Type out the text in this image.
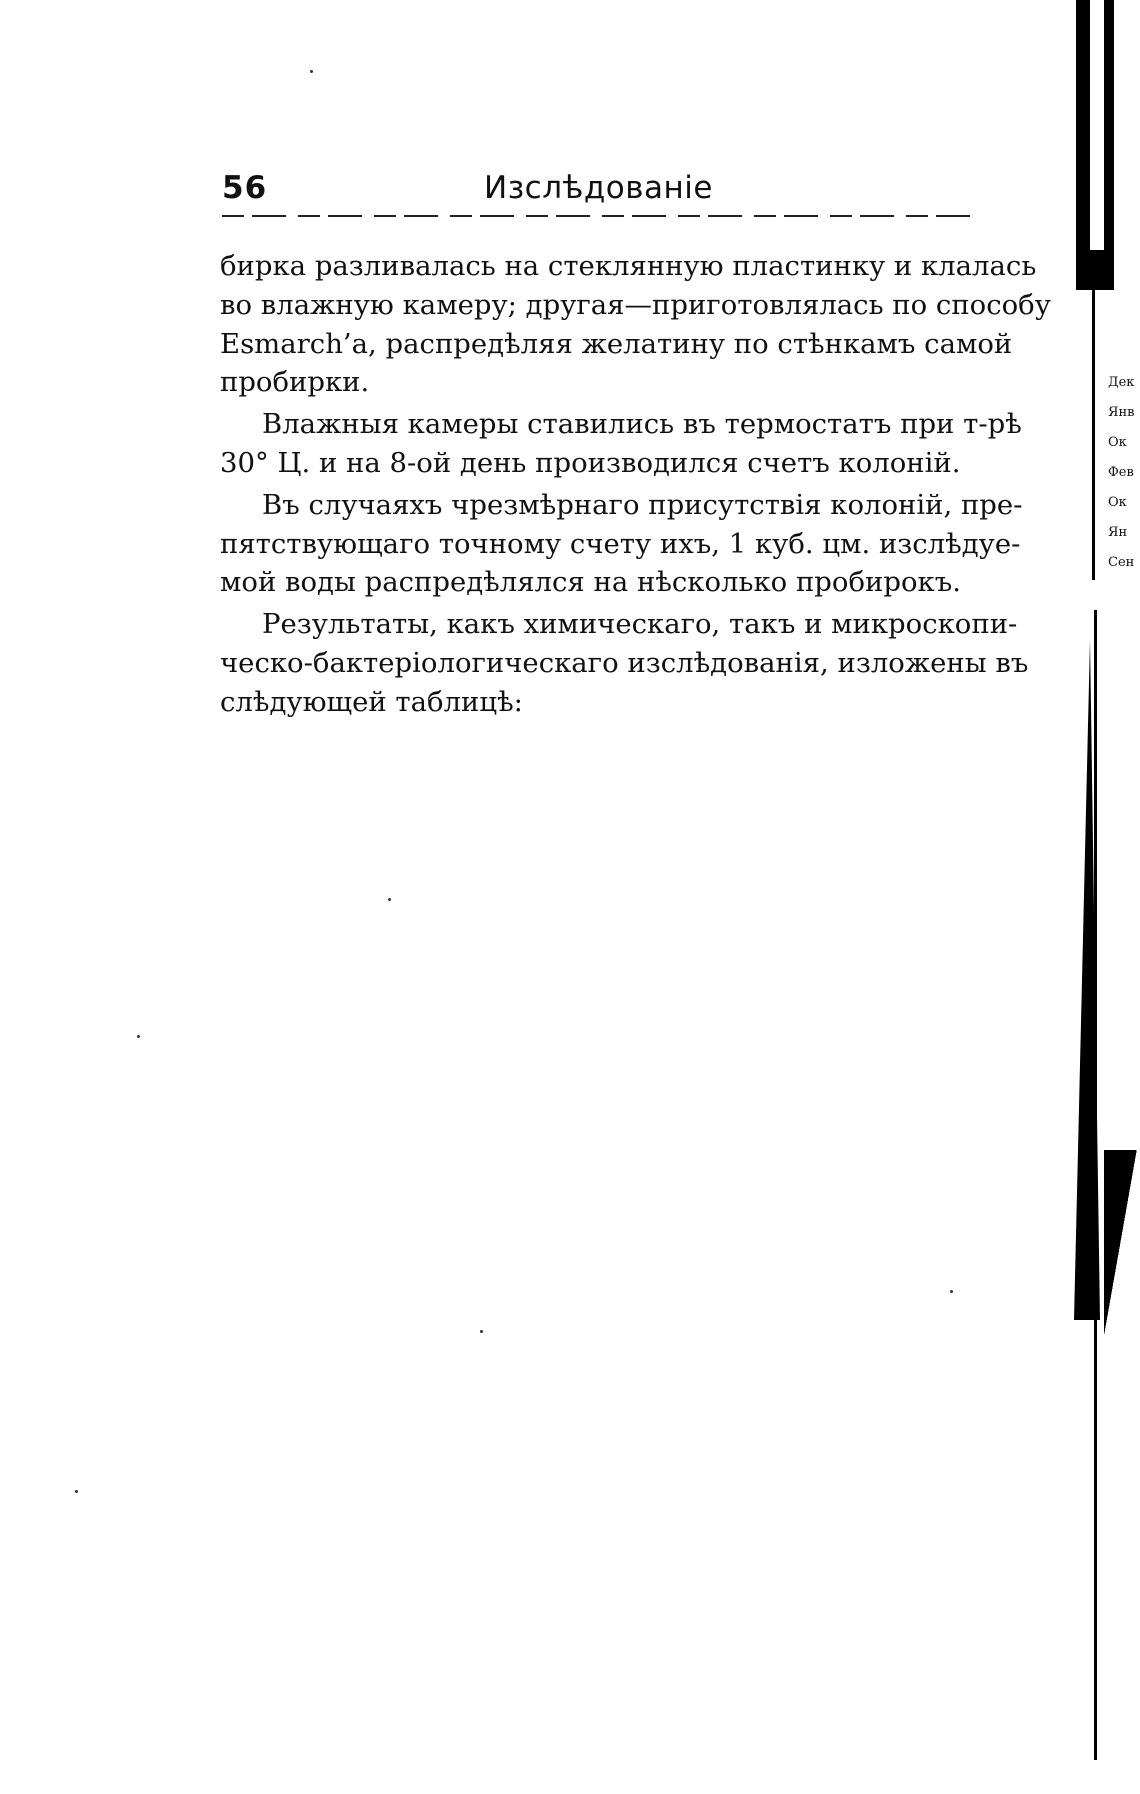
56	Изслѣдованіе
бирка разливалась на стеклянную пластинку и клалась
во влажную камеру; другая—приготовлялась по способу
Esmarch’a, распредѣляя желатину по стѣнкамъ самой
пробирки.
Влажныя камеры ставились въ термостатъ при т-рѣ
30° Ц. и на 8-ой день производился счетъ колоній.
Въ случаяхъ чрезмѣрнаго присутствія колоній, пре-
пятствующаго точному счету ихъ, 1 куб. цм. изслѣдуе-
мой воды распредѣлялся на нѣсколько пробирокъ.
Результаты, какъ химическаго, такъ и микроскопи-
ческо-бактеріологическаго изслѣдованія, изложены въ
слѣдующей таблицѣ:
Дек
Янв
Ок
Фев
Ок
Ян
Сен
